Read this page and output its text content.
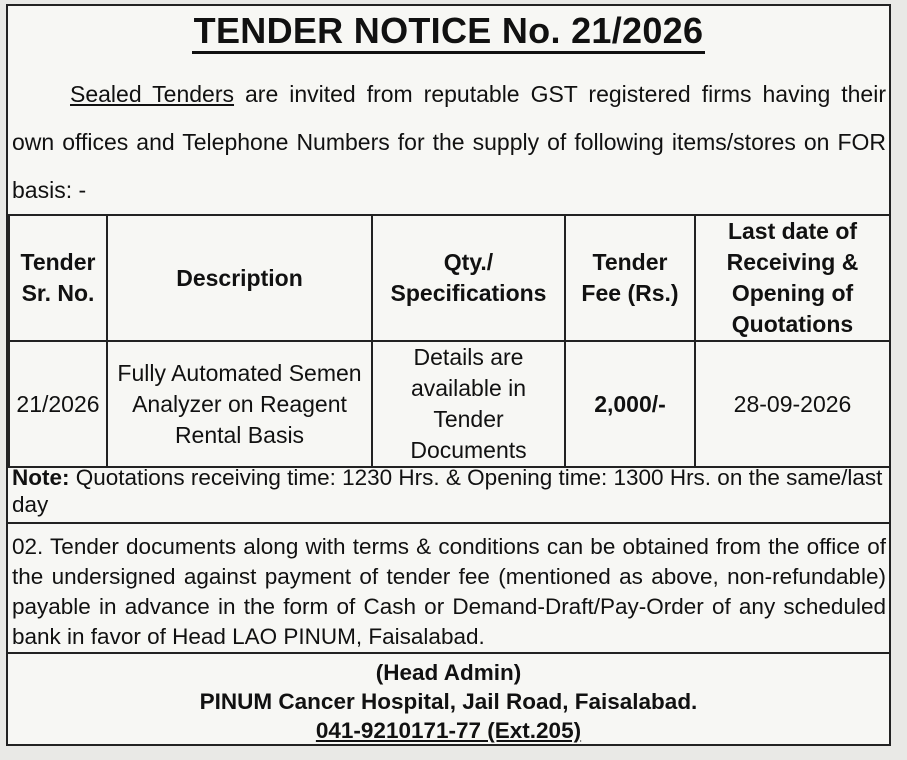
TENDER NOTICE No. 21/2026
Sealed Tenders are invited from reputable GST registered firms having their own offices and Telephone Numbers for the supply of following items/stores on FOR basis: -
Tender Sr. No.	Description	Qty./ Specifications	Tender Fee (Rs.)	Last date of Receiving & Opening of Quotations
21/2026	Fully Automated Semen Analyzer on Reagent Rental Basis	Details are available in Tender Documents	2,000/-	28-09-2026
Note: Quotations receiving time: 1230 Hrs. & Opening time: 1300 Hrs. on the same/last day
02. Tender documents along with terms & conditions can be obtained from the office of the undersigned against payment of tender fee (mentioned as above, non-refundable) payable in advance in the form of Cash or Demand-Draft/Pay-Order of any scheduled bank in favor of Head LAO PINUM, Faisalabad.
(Head Admin)
PINUM Cancer Hospital, Jail Road, Faisalabad.
041-9210171-77 (Ext.205)
